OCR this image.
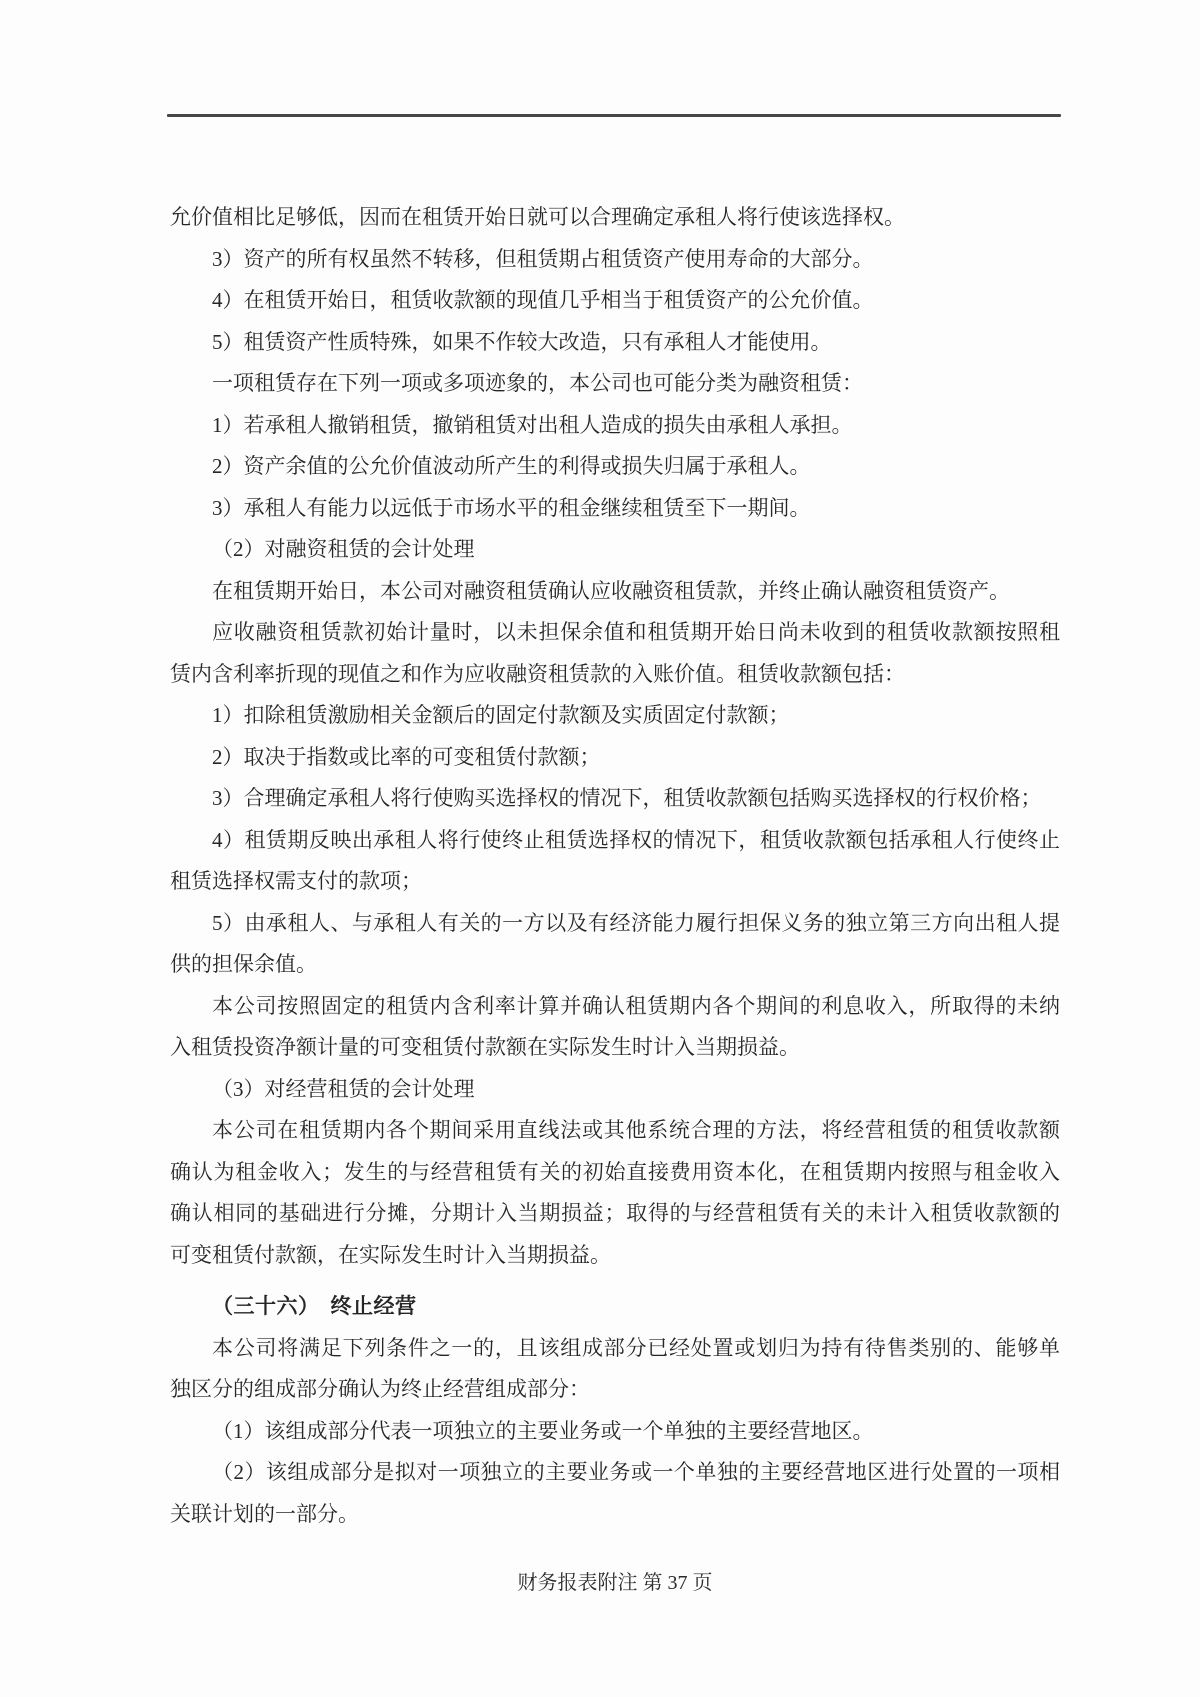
允价值相比足够低，因而在租赁开始日就可以合理确定承租人将行使该选择权。

3）资产的所有权虽然不转移，但租赁期占租赁资产使用寿命的大部分。

4）在租赁开始日，租赁收款额的现值几乎相当于租赁资产的公允价值。

5）租赁资产性质特殊，如果不作较大改造，只有承租人才能使用。

一项租赁存在下列一项或多项迹象的，本公司也可能分类为融资租赁：

1）若承租人撤销租赁，撤销租赁对出租人造成的损失由承租人承担。

2）资产余值的公允价值波动所产生的利得或损失归属于承租人。

3）承租人有能力以远低于市场水平的租金继续租赁至下一期间。

（2）对融资租赁的会计处理

在租赁期开始日，本公司对融资租赁确认应收融资租赁款，并终止确认融资租赁资产。

应收融资租赁款初始计量时，以未担保余值和租赁期开始日尚未收到的租赁收款额按照租

赁内含利率折现的现值之和作为应收融资租赁款的入账价值。租赁收款额包括：

1）扣除租赁激励相关金额后的固定付款额及实质固定付款额；

2）取决于指数或比率的可变租赁付款额；

3）合理确定承租人将行使购买选择权的情况下，租赁收款额包括购买选择权的行权价格；

4）租赁期反映出承租人将行使终止租赁选择权的情况下，租赁收款额包括承租人行使终止

租赁选择权需支付的款项；

5）由承租人、与承租人有关的一方以及有经济能力履行担保义务的独立第三方向出租人提

供的担保余值。

本公司按照固定的租赁内含利率计算并确认租赁期内各个期间的利息收入，所取得的未纳

入租赁投资净额计量的可变租赁付款额在实际发生时计入当期损益。

（3）对经营租赁的会计处理

本公司在租赁期内各个期间采用直线法或其他系统合理的方法，将经营租赁的租赁收款额

确认为租金收入；发生的与经营租赁有关的初始直接费用资本化，在租赁期内按照与租金收入

确认相同的基础进行分摊，分期计入当期损益；取得的与经营租赁有关的未计入租赁收款额的

可变租赁付款额，在实际发生时计入当期损益。

（三十六）　终止经营

本公司将满足下列条件之一的，且该组成部分已经处置或划归为持有待售类别的、能够单

独区分的组成部分确认为终止经营组成部分：

（1）该组成部分代表一项独立的主要业务或一个单独的主要经营地区。

（2）该组成部分是拟对一项独立的主要业务或一个单独的主要经营地区进行处置的一项相

关联计划的一部分。

财务报表附注 第 37 页
